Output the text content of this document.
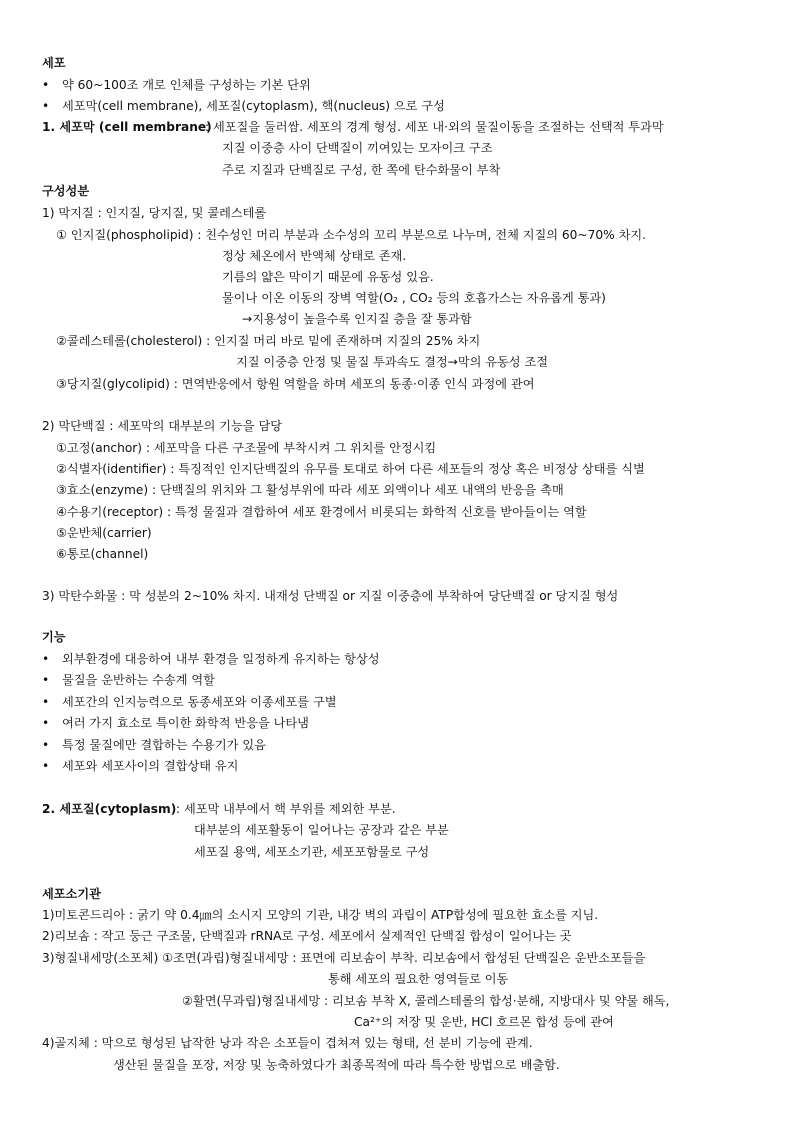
세포
• 약 60~100조 개로 인체를 구성하는 기본 단위
• 세포막(cell membrane), 세포질(cytoplasm), 핵(nucleus) 으로 구성
1. 세포막 (cell membrane)
: 세포질을 둘러쌈. 세포의 경계 형성. 세포 내·외의 물질이동을 조절하는 선택적 투과막
지질 이중층 사이 단백질이 끼여있는 모자이크 구조
주로 지질과 단백질로 구성, 한 쪽에 탄수화물이 부착
구성성분
1) 막지질 : 인지질, 당지질, 및 콜레스테롤
① 인지질(phospholipid) : 친수성인 머리 부분과 소수성의 꼬리 부분으로 나누며, 전체 지질의 60~70% 차지.
정상 체온에서 반액체 상태로 존재.
기름의 얇은 막이기 때문에 유동성 있음.
물이나 이온 이동의 장벽 역할(O₂ , CO₂ 등의 호흡가스는 자유롭게 통과)
→지용성이 높을수록 인지질 층을 잘 통과함
②콜레스테롤(cholesterol) : 인지질 머리 바로 밑에 존재하며 지질의 25% 차지
지질 이중층 안정 및 물질 투과속도 결정→막의 유동성 조절
③당지질(glycolipid) : 면역반응에서 항원 역할을 하며 세포의 동종·이종 인식 과정에 관여
2) 막단백질 : 세포막의 대부분의 기능을 담당
①고정(anchor) : 세포막을 다른 구조물에 부착시켜 그 위치를 안정시킴
②식별자(identifier) : 특징적인 인지단백질의 유무를 토대로 하여 다른 세포들의 정상 혹은 비정상 상태를 식별
③효소(enzyme) : 단백질의 위치와 그 활성부위에 따라 세포 외액이나 세포 내액의 반응을 촉매
④수용기(receptor) : 특정 물질과 결합하여 세포 환경에서 비롯되는 화학적 신호를 받아들이는 역할
⑤운반체(carrier)
⑥통로(channel)
3) 막탄수화물 : 막 성분의 2~10% 차지. 내재성 단백질 or 지질 이중층에 부착하여 당단백질 or 당지질 형성
기능
• 외부환경에 대응하여 내부 환경을 일정하게 유지하는 항상성
• 물질을 운반하는 수송계 역할
• 세포간의 인지능력으로 동종세포와 이종세포를 구별
• 여러 가지 효소로 특이한 화학적 반응을 나타냄
• 특정 물질에만 결합하는 수용기가 있음
• 세포와 세포사이의 결합상태 유지
2. 세포질(cytoplasm) : 세포막 내부에서 핵 부위를 제외한 부분.
대부분의 세포활동이 일어나는 공장과 같은 부분
세포질 용액, 세포소기관, 세포포함물로 구성
세포소기관
1)미토콘드리아 : 굵기 약 0.4㎛의 소시지 모양의 기관, 내강 벽의 과립이 ATP합성에 필요한 효소를 지님.
2)리보솜 : 작고 둥근 구조물, 단백질과 rRNA로 구성. 세포에서 실제적인 단백질 합성이 일어나는 곳
3)형질내세망(소포체) ①조면(과립)형질내세망 : 표면에 리보솜이 부착. 리보솜에서 합성된 단백질은 운반소포들을
통해 세포의 필요한 영역들로 이동
②활면(무과립)형질내세망 : 리보솜 부착 X, 콜레스테롤의 합성·분해, 지방대사 및 약물 해독,
Ca²⁺의 저장 및 운반, HCl 호르몬 합성 등에 관여
4)골지체 : 막으로 형성된 납작한 낭과 작은 소포들이 겹쳐져 있는 형태, 선 분비 기능에 관계.
생산된 물질을 포장, 저장 및 농축하였다가 최종목적에 따라 특수한 방법으로 배출함.
